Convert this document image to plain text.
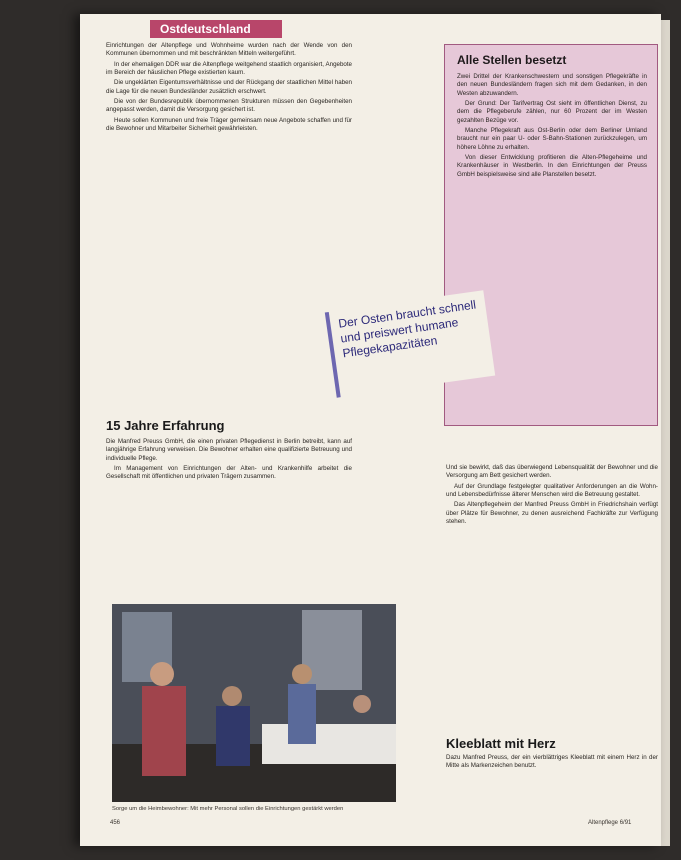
Ostdeutschland

Einrichtungen der Altenpflege und Wohnheime wurden nach der Wende von den Kommunen übernommen und mit beschränkten Mitteln weitergeführt.

In der ehemaligen DDR war die Altenpflege weitgehend staatlich organisiert, Angebote im Bereich der häuslichen Pflege existierten kaum.

Die ungeklärten Eigentumsverhältnisse und der Rückgang der staatlichen Mittel haben die Lage für die neuen Bundesländer zusätzlich erschwert.

Die von der Bundesrepublik übernommenen Strukturen müssen den Gegebenheiten angepasst werden, damit die Versorgung gesichert ist.

Heute sollen Kommunen und freie Träger gemeinsam neue Angebote schaffen und für die Bewohner und Mitarbeiter Sicherheit gewährleisten.

15 Jahre Erfahrung

Die Manfred Preuss GmbH, die einen privaten Pflegedienst in Berlin betreibt, kann auf langjährige Erfahrung verweisen. Die Bewohner erhalten eine qualifizierte Betreuung und individuelle Pflege.

Im Management von Einrichtungen der Alten- und Krankenhilfe arbeitet die Gesellschaft mit öffentlichen und privaten Trägern zusammen.

Alle Stellen besetzt

Zwei Drittel der Krankenschwestern und sonstigen Pflegekräfte in den neuen Bundesländern fragen sich mit dem Gedanken, in den Westen abzuwandern.

Der Grund: Der Tarifvertrag Ost sieht im öffentlichen Dienst, zu dem die Pflegeberufe zählen, nur 60 Prozent der im Westen gezahlten Bezüge vor.

Manche Pflegekraft aus Ost-Berlin oder dem Berliner Umland braucht nur ein paar U- oder S-Bahn-Stationen zurückzulegen, um höhere Löhne zu erhalten.

Von dieser Entwicklung profitieren die Alten-Pflegeheime und Krankenhäuser in Westberlin. In den Einrichtungen der Preuss GmbH beispielsweise sind alle Planstellen besetzt.

Der Osten braucht schnell und preiswert humane Pflegekapazitäten
Sorge um die Heimbewohner: Mit mehr Personal sollen die Einrichtungen gestärkt werden

Und sie bewirkt, daß das überwiegend Lebensqualität der Bewohner und die Versorgung am Bett gesichert werden.

Auf der Grundlage festgelegter qualitativer Anforderungen an die Wohn- und Lebensbedürfnisse älterer Menschen wird die Betreuung gestaltet.

Das Altenpflegeheim der Manfred Preuss GmbH in Friedrichshain verfügt über Plätze für Bewohner, zu denen ausreichend Fachkräfte zur Verfügung stehen.

Kleeblatt mit Herz

Dazu Manfred Preuss, der ein vierblättriges Kleeblatt mit einem Herz in der Mitte als Markenzeichen benutzt.

456	Altenpflege 6/91
